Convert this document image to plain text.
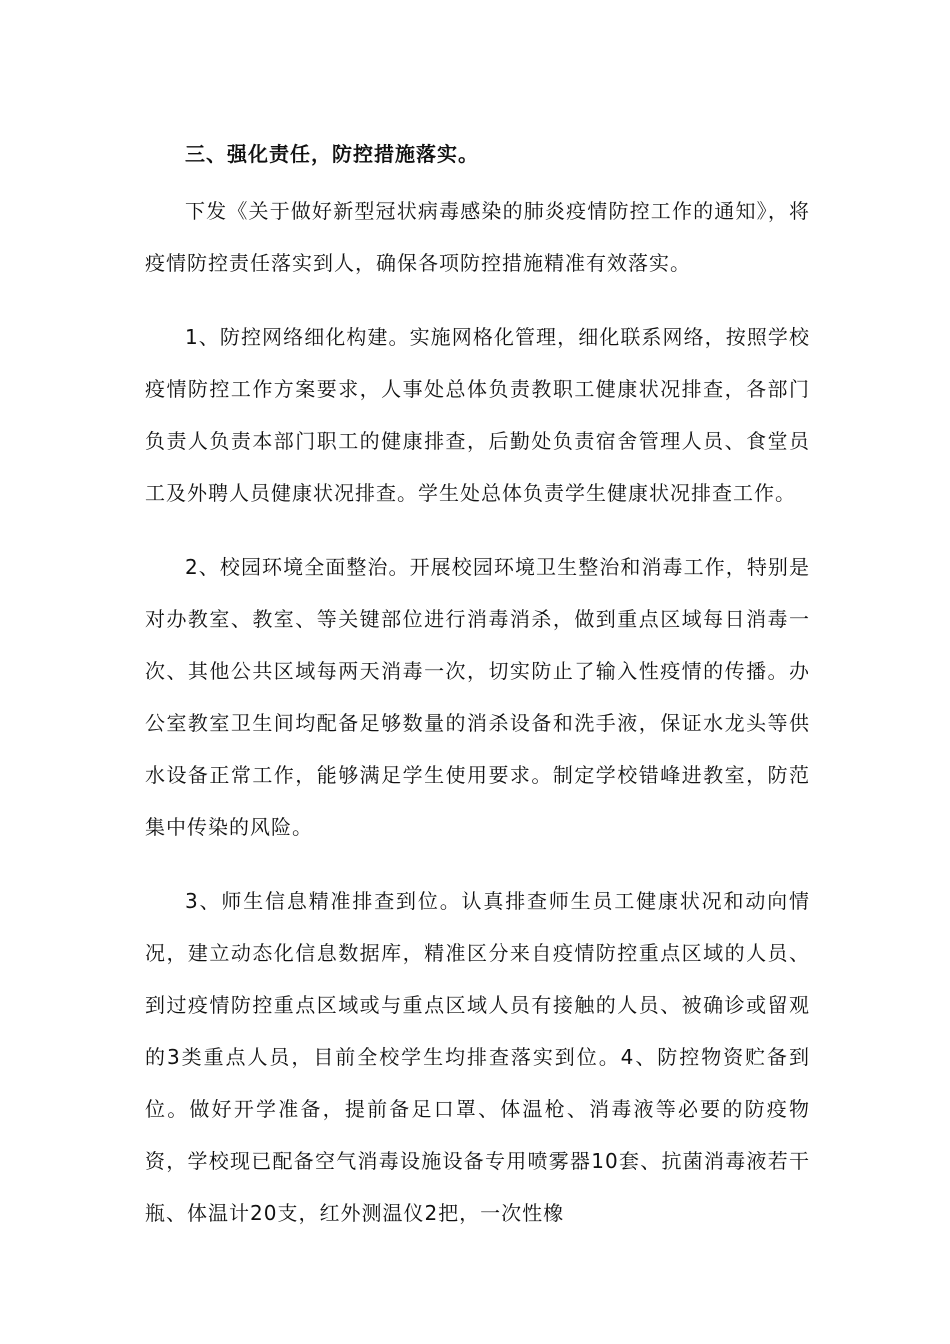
三、强化责任，防控措施落实。

下发《关于做好新型冠状病毒感染的肺炎疫情防控工作的通知》，将疫情防控责任落实到人，确保各项防控措施精准有效落实。

1、防控网络细化构建。实施网格化管理，细化联系网络，按照学校疫情防控工作方案要求，人事处总体负责教职工健康状况排查，各部门负责人负责本部门职工的健康排查，后勤处负责宿舍管理人员、食堂员工及外聘人员健康状况排查。学生处总体负责学生健康状况排查工作。

2、校园环境全面整治。开展校园环境卫生整治和消毒工作，特别是对办教室、教室、等关键部位进行消毒消杀，做到重点区域每日消毒一次、其他公共区域每两天消毒一次，切实防止了输入性疫情的传播。办公室教室卫生间均配备足够数量的消杀设备和洗手液，保证水龙头等供水设备正常工作，能够满足学生使用要求。制定学校错峰进教室，防范集中传染的风险。

3、师生信息精准排查到位。认真排查师生员工健康状况和动向情况，建立动态化信息数据库，精准区分来自疫情防控重点区域的人员、到过疫情防控重点区域或与重点区域人员有接触的人员、被确诊或留观的3类重点人员，目前全校学生均排查落实到位。4、防控物资贮备到位。做好开学准备，提前备足口罩、体温枪、消毒液等必要的防疫物资，学校现已配备空气消毒设施设备专用喷雾器10套、抗菌消毒液若干瓶、体温计20支，红外测温仪2把，一次性橡
